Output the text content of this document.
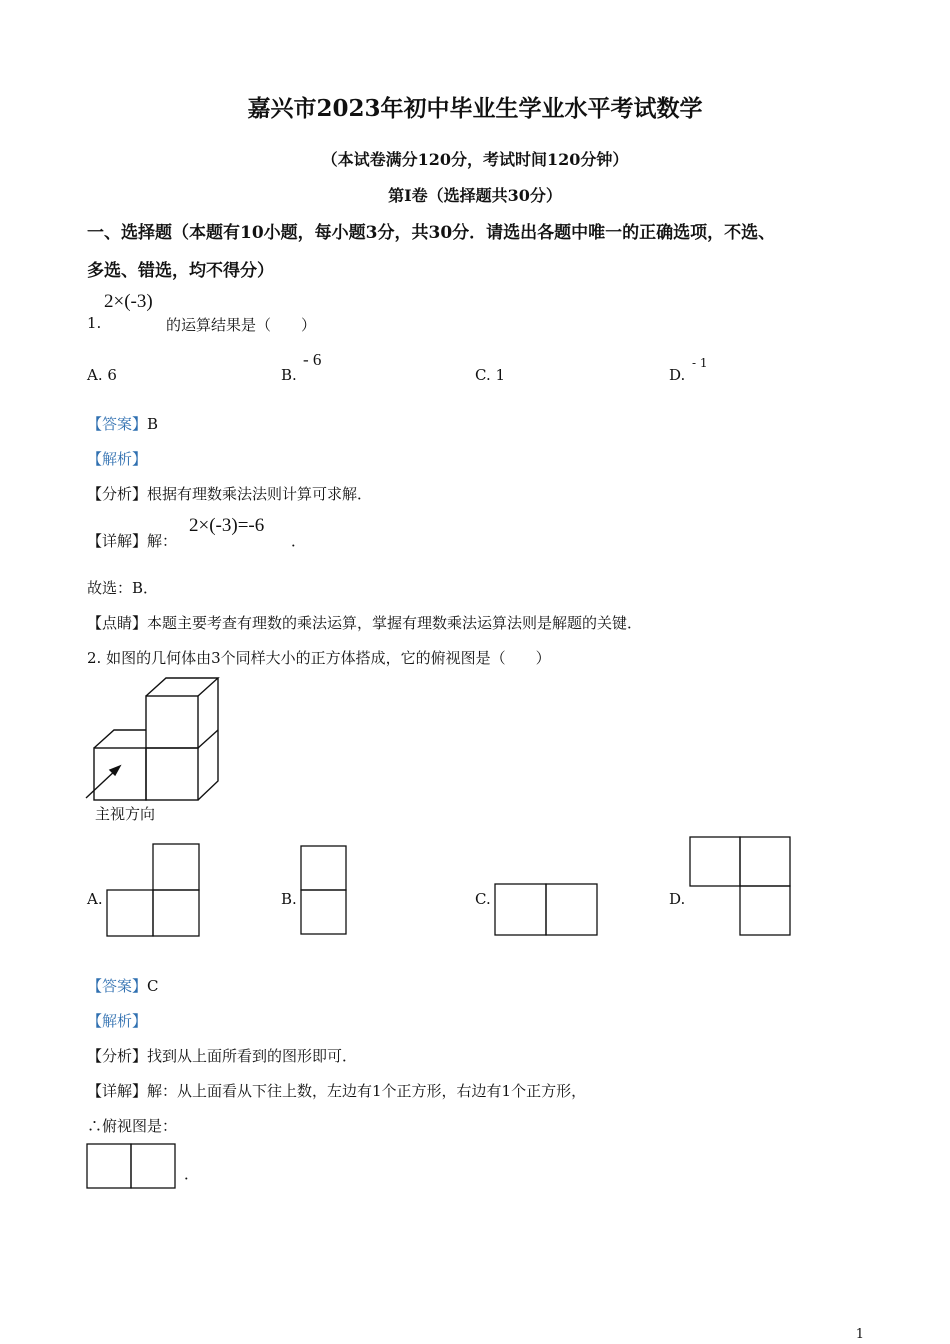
嘉兴市2023年初中毕业生学业水平考试数学
（本试卷满分120分，考试时间120分钟）
第I卷（选择题共30分）
一、选择题（本题有10小题，每小题3分，共30分．请选出各题中唯一的正确选项，不选、
多选、错选，均不得分）
2×(-3)
1.	的运算结果是（　　）
A. 6	B.
- 6
C. 1	D.
- 1
【答案】B
【解析】
【分析】根据有理数乘法法则计算可求解．
【详解】解：
2×(-3)=-6
．
故选：B．
【点睛】本题主要考查有理数的乘法运算，掌握有理数乘法运算法则是解题的关键．
2. 如图的几何体由3个同样大小的正方体搭成，它的俯视图是（　　）
主视方向
A.	B.	C.	D.
【答案】C
【解析】
【分析】找到从上面所看到的图形即可．
【详解】解：从上面看从下往上数，左边有1个正方形，右边有1个正方形，
∴俯视图是：
．
1
